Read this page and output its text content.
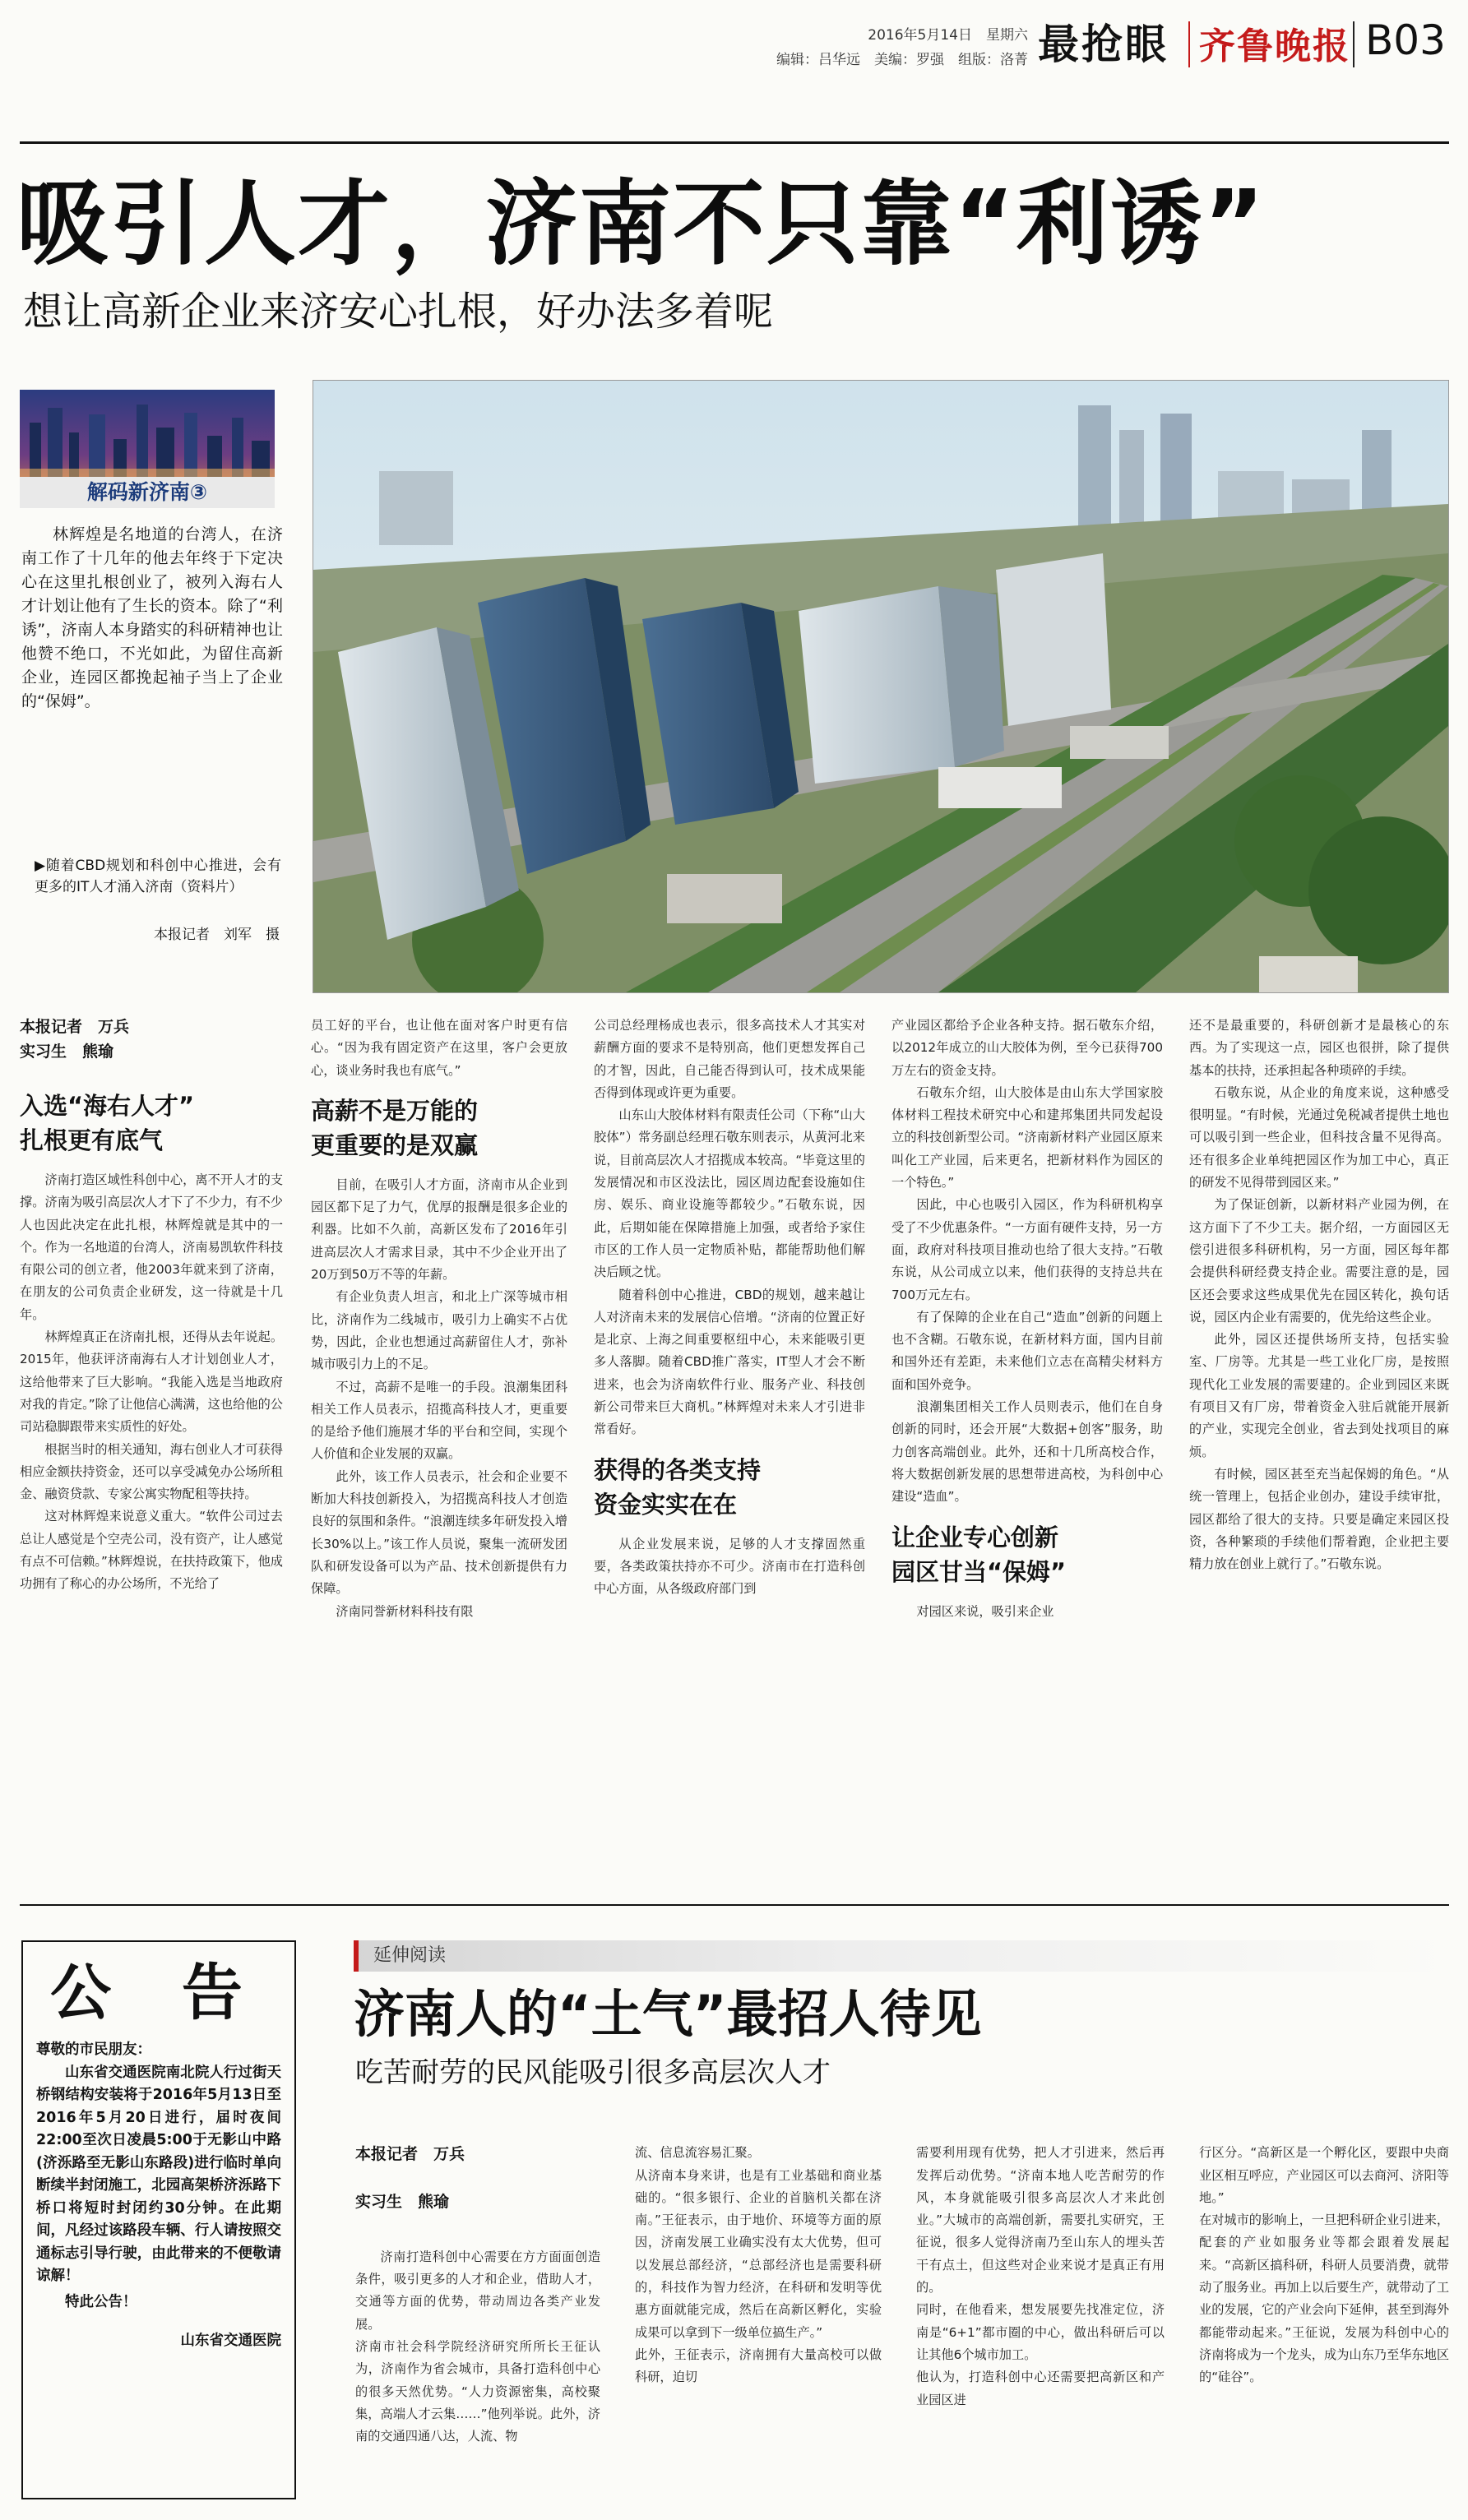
2016年5月14日　星期六
编辑：吕华远　美编：罗强　组版：洛菁 最抢眼 齐鲁晚报 B03
吸引人才，济南不只靠“利诱”
想让高新企业来济安心扎根，好办法多着呢
解码新济南③
林辉煌是名地道的台湾人，在济南工作了十几年的他去年终于下定决心在这里扎根创业了，被列入海右人才计划让他有了生长的资本。除了“利诱”，济南人本身踏实的科研精神也让他赞不绝口，不光如此，为留住高新企业，连园区都挽起袖子当上了企业的“保姆”。
▶随着CBD规划和科创中心推进，会有更多的IT人才涌入济南（资料片）
本报记者　刘军　摄
本报记者　万兵
实习生　熊瑜
入选“海右人才”
扎根更有底气

济南打造区域性科创中心，离不开人才的支撑。济南为吸引高层次人才下了不少力，有不少人也因此决定在此扎根，林辉煌就是其中的一个。作为一名地道的台湾人，济南易凯软件科技有限公司的创立者，他2003年就来到了济南，在朋友的公司负责企业研发，这一待就是十几年。

林辉煌真正在济南扎根，还得从去年说起。2015年，他获评济南海右人才计划创业人才，这给他带来了巨大影响。“我能入选是当地政府对我的肯定。”除了让他信心满满，这也给他的公司站稳脚跟带来实质性的好处。

根据当时的相关通知，海右创业人才可获得相应金额扶持资金，还可以享受减免办公场所租金、融资贷款、专家公寓实物配租等扶持。

这对林辉煌来说意义重大。“软件公司过去总让人感觉是个空壳公司，没有资产，让人感觉有点不可信赖。”林辉煌说，在扶持政策下，他成功拥有了称心的办公场所，不光给了

员工好的平台，也让他在面对客户时更有信心。“因为我有固定资产在这里，客户会更放心，谈业务时我也有底气。”

高薪不是万能的
更重要的是双赢

目前，在吸引人才方面，济南市从企业到园区都下足了力气，优厚的报酬是很多企业的利器。比如不久前，高新区发布了2016年引进高层次人才需求目录，其中不少企业开出了20万到50万不等的年薪。

有企业负责人坦言，和北上广深等城市相比，济南作为二线城市，吸引力上确实不占优势，因此，企业也想通过高薪留住人才，弥补城市吸引力上的不足。

不过，高薪不是唯一的手段。浪潮集团科相关工作人员表示，招揽高科技人才，更重要的是给予他们施展才华的平台和空间，实现个人价值和企业发展的双赢。

此外，该工作人员表示，社会和企业要不断加大科技创新投入，为招揽高科技人才创造良好的氛围和条件。“浪潮连续多年研发投入增长30%以上。”该工作人员说，聚集一流研发团队和研发设备可以为产品、技术创新提供有力保障。

济南同誉新材料科技有限

公司总经理杨成也表示，很多高技术人才其实对薪酬方面的要求不是特别高，他们更想发挥自己的才智，因此，自己能否得到认可，技术成果能否得到体现或许更为重要。

山东山大胶体材料有限责任公司（下称“山大胶体”）常务副总经理石敬东则表示，从黄河北来说，目前高层次人才招揽成本较高。“毕竟这里的发展情况和市区没法比，园区周边配套设施如住房、娱乐、商业设施等都较少。”石敬东说，因此，后期如能在保障措施上加强，或者给予家住市区的工作人员一定物质补贴，都能帮助他们解决后顾之忧。

随着科创中心推进，CBD的规划，越来越让人对济南未来的发展信心倍增。“济南的位置正好是北京、上海之间重要枢纽中心，未来能吸引更多人落脚。随着CBD推广落实，IT型人才会不断进来，也会为济南软件行业、服务产业、科技创新公司带来巨大商机。”林辉煌对未来人才引进非常看好。

获得的各类支持
资金实实在在

从企业发展来说，足够的人才支撑固然重要，各类政策扶持亦不可少。济南市在打造科创中心方面，从各级政府部门到

产业园区都给予企业各种支持。据石敬东介绍，以2012年成立的山大胶体为例，至今已获得700万左右的资金支持。

石敬东介绍，山大胶体是由山东大学国家胶体材料工程技术研究中心和建邦集团共同发起设立的科技创新型公司。“济南新材料产业园区原来叫化工产业园，后来更名，把新材料作为园区的一个特色。”

因此，中心也吸引入园区，作为科研机构享受了不少优惠条件。“一方面有硬件支持，另一方面，政府对科技项目推动也给了很大支持。”石敬东说，从公司成立以来，他们获得的支持总共在700万元左右。

有了保障的企业在自己“造血”创新的问题上也不含糊。石敬东说，在新材料方面，国内目前和国外还有差距，未来他们立志在高精尖材料方面和国外竞争。

浪潮集团相关工作人员则表示，他们在自身创新的同时，还会开展“大数据+创客”服务，助力创客高端创业。此外，还和十几所高校合作，将大数据创新发展的思想带进高校，为科创中心建设“造血”。

让企业专心创新
园区甘当“保姆”

对园区来说，吸引来企业

还不是最重要的，科研创新才是最核心的东西。为了实现这一点，园区也很拼，除了提供基本的扶持，还承担起各种琐碎的手续。

石敬东说，从企业的角度来说，这种感受很明显。“有时候，光通过免税减者提供土地也可以吸引到一些企业，但科技含量不见得高。还有很多企业单纯把园区作为加工中心，真正的研发不见得带到园区来。”

为了保证创新，以新材料产业园为例，在这方面下了不少工夫。据介绍，一方面园区无偿引进很多科研机构，另一方面，园区每年都会提供科研经费支持企业。需要注意的是，园区还会要求这些成果优先在园区转化，换句话说，园区内企业有需要的，优先给这些企业。

此外，园区还提供场所支持，包括实验室、厂房等。尤其是一些工业化厂房，是按照现代化工业发展的需要建的。企业到园区来既有项目又有厂房，带着资金入驻后就能开展新的产业，实现完全创业，省去到处找项目的麻烦。

有时候，园区甚至充当起保姆的角色。“从统一管理上，包括企业创办，建设手续审批，园区都给了很大的支持。只要是确定来园区投资，各种繁琐的手续他们帮着跑，企业把主要精力放在创业上就行了。”石敬东说。

公 告
尊敬的市民朋友：
山东省交通医院南北院人行过街天桥钢结构安装将于2016年5月13日至2016年5月20日进行，届时夜间22:00至次日凌晨5:00于无影山中路(济泺路至无影山东路段)进行临时单向断续半封闭施工，北园高架桥济泺路下桥口将短时封闭约30分钟。在此期间，凡经过该路段车辆、行人请按照交通标志引导行驶，由此带来的不便敬请谅解！
特此公告！
山东省交通医院
延伸阅读
济南人的“土气”最招人待见
吃苦耐劳的民风能吸引很多高层次人才

本报记者　万兵

实习生　熊瑜

济南打造科创中心需要在方方面面创造条件，吸引更多的人才和企业，借助人才，交通等方面的优势，带动周边各类产业发展。
济南市社会科学院经济研究所所长王征认为，济南作为省会城市，具备打造科创中心的很多天然优势。“人力资源密集，高校聚集，高端人才云集……”他列举说。此外，济南的交通四通八达，人流、物

流、信息流容易汇聚。
从济南本身来讲，也是有工业基础和商业基础的。“很多银行、企业的首脑机关都在济南。”王征表示，由于地价、环境等方面的原因，济南发展工业确实没有太大优势，但可以发展总部经济，“总部经济也是需要科研的，科技作为智力经济，在科研和发明等优惠方面就能完成，然后在高新区孵化，实验成果可以拿到下一级单位搞生产。”
此外，王征表示，济南拥有大量高校可以做科研，迫切

需要利用现有优势，把人才引进来，然后再发挥后动优势。“济南本地人吃苦耐劳的作风，本身就能吸引很多高层次人才来此创业。”大城市的高端创新，需要扎实研究，王征说，很多人觉得济南乃至山东人的埋头苦干有点土，但这些对企业来说才是真正有用的。
同时，在他看来，想发展要先找准定位，济南是“6+1”都市圈的中心，做出科研后可以让其他6个城市加工。
他认为，打造科创中心还需要把高新区和产业园区进

行区分。“高新区是一个孵化区，要跟中央商业区相互呼应，产业园区可以去商河、济阳等地。”
在对城市的影响上，一旦把科研企业引进来，配套的产业如服务业等都会跟着发展起来。“高新区搞科研，科研人员要消费，就带动了服务业。再加上以后要生产，就带动了工业的发展，它的产业会向下延伸，甚至到海外都能带动起来。”王征说，发展为科创中心的济南将成为一个龙头，成为山东乃至华东地区的“硅谷”。
